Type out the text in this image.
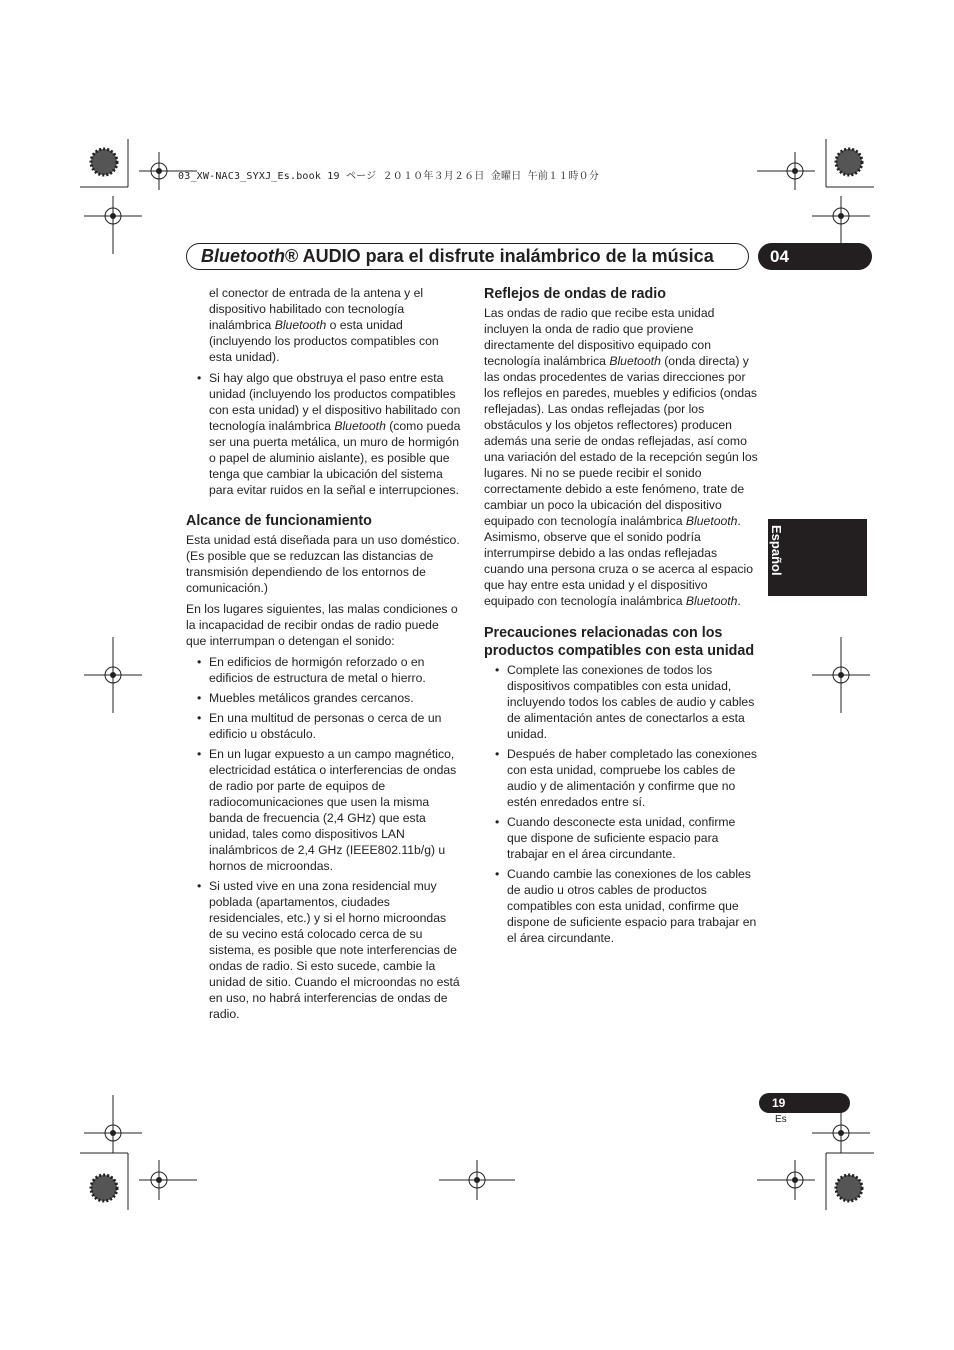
03_XW-NAC3_SYXJ_Es.book 19 ページ ２０１０年３月２６日 金曜日 午前１１時０分
Bluetooth® AUDIO para el disfrute inalámbrico de la música	04
Español

el conector de entrada de la antena y el dispositivo habilitado con tecnología inalámbrica Bluetooth o esta unidad (incluyendo los productos compatibles con esta unidad).

• Si hay algo que obstruya el paso entre esta unidad (incluyendo los productos compatibles con esta unidad) y el dispositivo habilitado con tecnología inalámbrica Bluetooth (como pueda ser una puerta metálica, un muro de hormigón o papel de aluminio aislante), es posible que tenga que cambiar la ubicación del sistema para evitar ruidos en la señal e interrupciones.
Alcance de funcionamiento

Esta unidad está diseñada para un uso doméstico. (Es posible que se reduzcan las distancias de transmisión dependiendo de los entornos de comunicación.)

En los lugares siguientes, las malas condiciones o la incapacidad de recibir ondas de radio puede que interrumpan o detengan el sonido:

• En edificios de hormigón reforzado o en edificios de estructura de metal o hierro.
• Muebles metálicos grandes cercanos.
• En una multitud de personas o cerca de un edificio u obstáculo.
• En un lugar expuesto a un campo magnético, electricidad estática o interferencias de ondas de radio por parte de equipos de radiocomunicaciones que usen la misma banda de frecuencia (2,4 GHz) que esta unidad, tales como dispositivos LAN inalámbricos de 2,4 GHz (IEEE802.11b/g) u hornos de microondas.
• Si usted vive en una zona residencial muy poblada (apartamentos, ciudades residenciales, etc.) y si el horno microondas de su vecino está colocado cerca de su sistema, es posible que note interferencias de ondas de radio. Si esto sucede, cambie la unidad de sitio. Cuando el microondas no está en uso, no habrá interferencias de ondas de radio.
Reflejos de ondas de radio

Las ondas de radio que recibe esta unidad incluyen la onda de radio que proviene directamente del dispositivo equipado con tecnología inalámbrica Bluetooth (onda directa) y las ondas procedentes de varias direcciones por los reflejos en paredes, muebles y edificios (ondas reflejadas). Las ondas reflejadas (por los obstáculos y los objetos reflectores) producen además una serie de ondas reflejadas, así como una variación del estado de la recepción según los lugares. Ni no se puede recibir el sonido correctamente debido a este fenómeno, trate de cambiar un poco la ubicación del dispositivo equipado con tecnología inalámbrica Bluetooth. Asimismo, observe que el sonido podría interrumpirse debido a las ondas reflejadas cuando una persona cruza o se acerca al espacio que hay entre esta unidad y el dispositivo equipado con tecnología inalámbrica Bluetooth.

Precauciones relacionadas con los productos compatibles con esta unidad
• Complete las conexiones de todos los dispositivos compatibles con esta unidad, incluyendo todos los cables de audio y cables de alimentación antes de conectarlos a esta unidad.
• Después de haber completado las conexiones con esta unidad, compruebe los cables de audio y de alimentación y confirme que no estén enredados entre sí.
• Cuando desconecte esta unidad, confirme que dispone de suficiente espacio para trabajar en el área circundante.
• Cuando cambie las conexiones de los cables de audio u otros cables de productos compatibles con esta unidad, confirme que dispone de suficiente espacio para trabajar en el área circundante.
19
Es
